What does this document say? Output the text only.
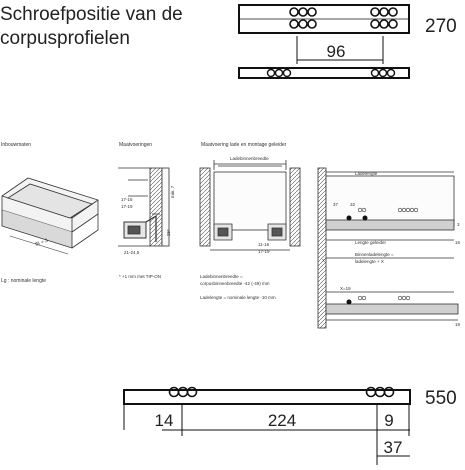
Schroefpositie van de
corpusprofielen
96
270
14	224	9
37
550
Inbouwmaten	Maatvoeringen	Maatvoering lade en montage geleider
lB + 3
Lg : nominale lengte
17-16
17-19
21-24,5
25*
min. 7
* +1 mm met TIP-ON
Ladebinnenbreedte
11-16
17-19
Ladebinnenbreedte =
corpusbinnenbreedte -42 (-49) mm
Ladelengte = nominale lengte -10 mm
Ladelengte
37	32
3
16
Lengte geleider
Binnenladelengte =
ladelengte + X
X
X=19
19
